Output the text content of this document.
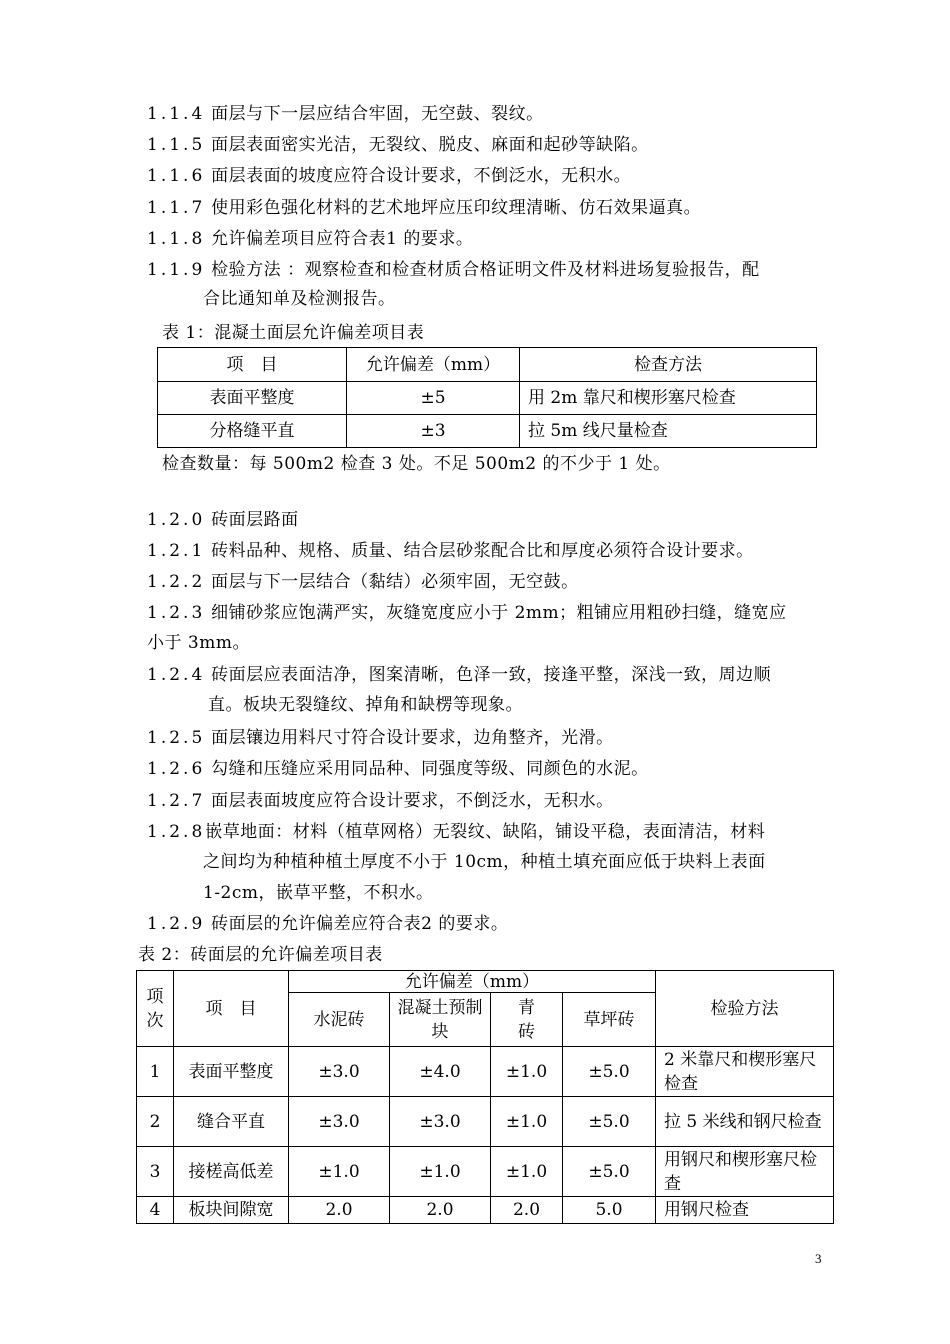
1.1.4 面层与下一层应结合牢固，无空鼓、裂纹。
1.1.5 面层表面密实光洁，无裂纹、脱皮、麻面和起砂等缺陷。
1.1.6 面层表面的坡度应符合设计要求，不倒泛水，无积水。
1.1.7 使用彩色强化材料的艺术地坪应压印纹理清晰、仿石效果逼真。
1.1.8 允许偏差项目应符合表1 的要求。
1.1.9 检验方法 ：观察检查和检查材质合格证明文件及材料进场复验报告，配
合比通知单及检测报告。
表 1：混凝土面层允许偏差项目表
项　目	允许偏差（mm）	检查方法
表面平整度	±5	用 2m 靠尺和楔形塞尺检查
分格缝平直	±3	拉 5m 线尺量检查
检查数量：每 500m2 检查 3 处。不足 500m2 的不少于 1 处。
1.2.0 砖面层路面
1.2.1 砖料品种、规格、质量、结合层砂浆配合比和厚度必须符合设计要求。
1.2.2 面层与下一层结合（黏结）必须牢固，无空鼓。
1.2.3 细铺砂浆应饱满严实，灰缝宽度应小于 2mm；粗铺应用粗砂扫缝，缝宽应
小于 3mm。
1.2.4 砖面层应表面洁净，图案清晰，色泽一致，接逢平整，深浅一致，周边顺
直。板块无裂缝纹、掉角和缺楞等现象。
1.2.5 面层镶边用料尺寸符合设计要求，边角整齐，光滑。
1.2.6 勾缝和压缝应采用同品种、同强度等级、同颜色的水泥。
1.2.7 面层表面坡度应符合设计要求，不倒泛水，无积水。
1.2.8嵌草地面：材料（植草网格）无裂纹、缺陷，铺设平稳，表面清洁，材料
之间均为种植种植土厚度不小于 10cm，种植土填充面应低于块料上表面
1-2cm，嵌草平整，不积水。
1.2.9 砖面层的允许偏差应符合表2 的要求。
表 2：砖面层的允许偏差项目表
项次	项　目	允许偏差（mm）				检验方法
		水泥砖	混凝土预制块	青砖	草坪砖	
1	表面平整度	±3.0	±4.0	±1.0	±5.0	2 米靠尺和楔形塞尺检查
2	缝合平直	±3.0	±3.0	±1.0	±5.0	拉 5 米线和钢尺检查
3	接槎高低差	±1.0	±1.0	±1.0	±5.0	用钢尺和楔形塞尺检查
4	板块间隙宽	2.0	2.0	2.0	5.0	用钢尺检查
3
